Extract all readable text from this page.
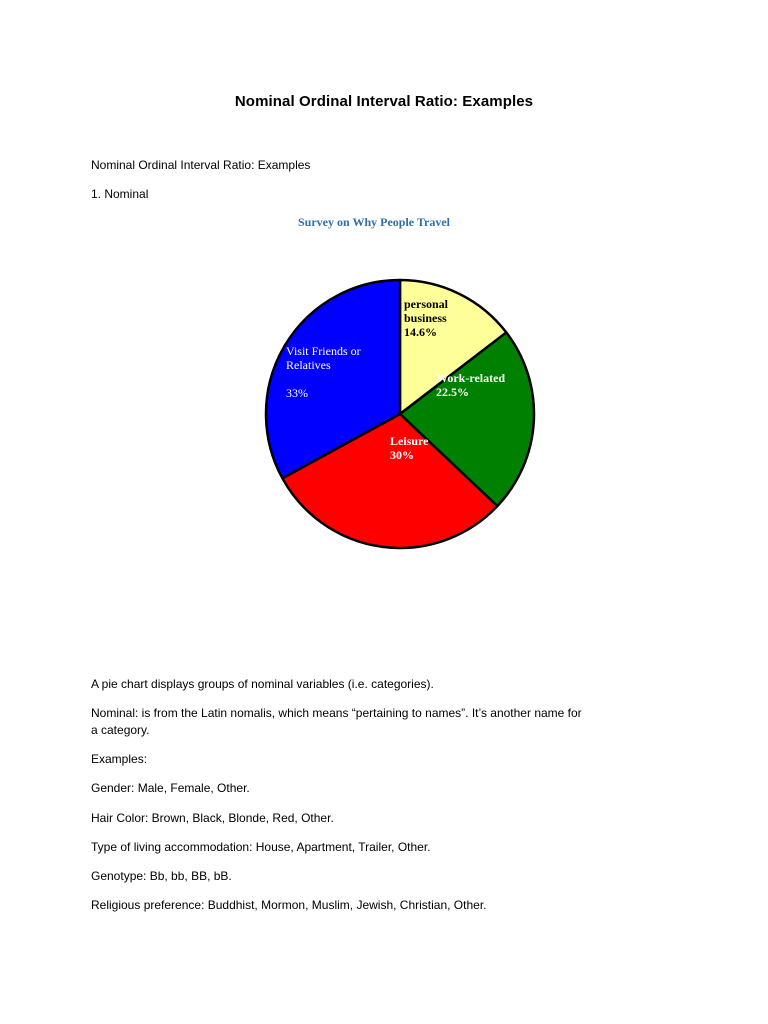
Nominal Ordinal Interval Ratio: Examples
Nominal Ordinal Interval Ratio: Examples
1. Nominal
Survey on Why People Travel
personal business 14.6%
Work-related 22.5%
Leisure 30%
Visit Friends or Relatives 33%
A pie chart displays groups of nominal variables (i.e. categories).
Nominal: is from the Latin nomalis, which means “pertaining to names”. It’s another name for
a category.
Examples:
Gender: Male, Female, Other.
Hair Color: Brown, Black, Blonde, Red, Other.
Type of living accommodation: House, Apartment, Trailer, Other.
Genotype: Bb, bb, BB, bB.
Religious preference: Buddhist, Mormon, Muslim, Jewish, Christian, Other.
